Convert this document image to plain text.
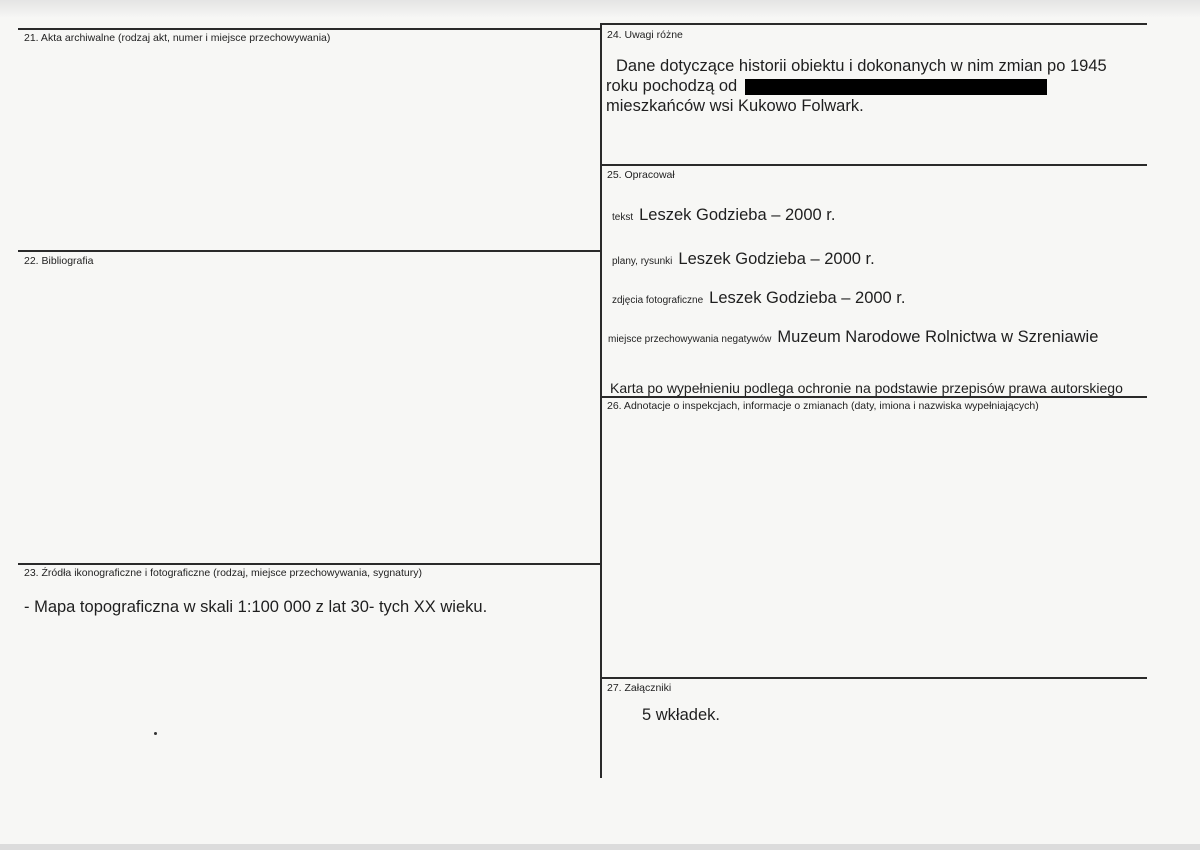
21. Akta archiwalne (rodzaj akt, numer i miejsce przechowywania)
22. Bibliografia
23. Źródła ikonograficzne i fotograficzne (rodzaj, miejsce przechowywania, sygnatury)
- Mapa topograficzna w skali 1:100 000 z lat 30- tych XX wieku.
24. Uwagi różne
Dane dotyczące historii obiektu i dokonanych w nim zmian po 1945
roku pochodzą od
mieszkańców wsi Kukowo Folwark.
25. Opracował
tekst Leszek Godzieba – 2000 r.
plany, rysunki Leszek Godzieba – 2000 r.
zdjęcia fotograficzne Leszek Godzieba – 2000 r.
miejsce przechowywania negatywów Muzeum Narodowe Rolnictwa w Szreniawie
Karta po wypełnieniu podlega ochronie na podstawie przepisów prawa autorskiego
26. Adnotacje o inspekcjach, informacje o zmianach (daty, imiona i nazwiska wypełniających)
27. Załączniki
5 wkładek.
